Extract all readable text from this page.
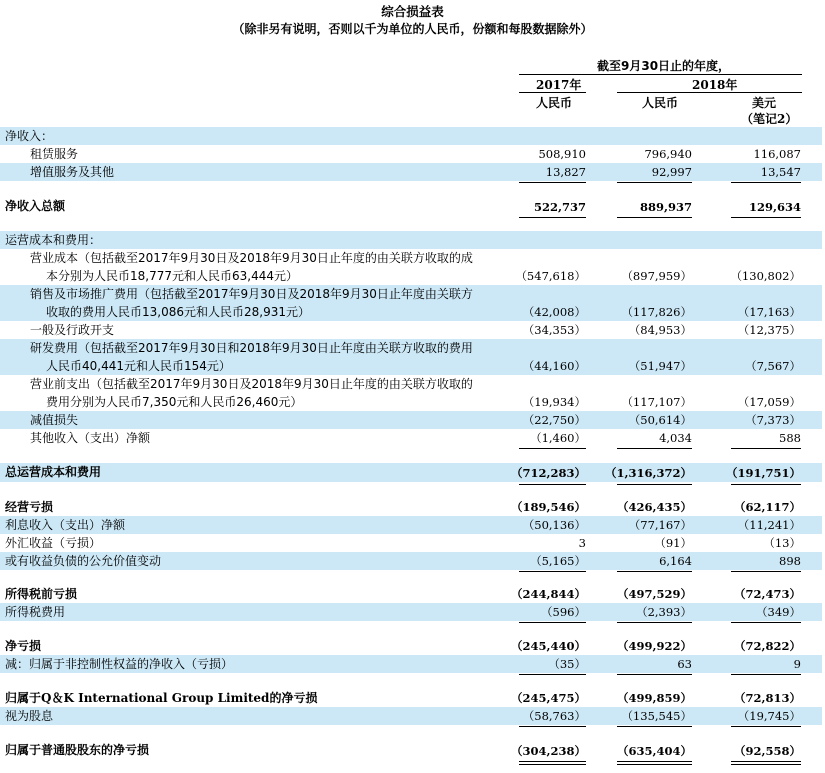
综合损益表
（除非另有说明，否则以千为单位的人民币，份额和每股数据除外）
截至9月30日止的年度，
2017年	2018年
人民币	人民币	美元
（笔记2）
净收入：
租赁服务	508,910	796,940	116,087
增值服务及其他	13,827	92,997	13,547
净收入总额	522,737	889,937	129,634
运营成本和费用：
营业成本（包括截至2017年9月30日及2018年9月30日止年度的由关联方收取的成
本分别为人民币18,777元和人民币63,444元）	（547,618）	（897,959）	（130,802）
销售及市场推广费用（包括截至2017年9月30日及2018年9月30日止年度由关联方
收取的费用人民币13,086元和人民币28,931元）	（42,008）	（117,826）	（17,163）
一般及行政开支	（34,353）	（84,953）	（12,375）
研发费用（包括截至2017年9月30日和2018年9月30日止年度由关联方收取的费用
人民币40,441元和人民币154元）	（44,160）	（51,947）	（7,567）
营业前支出（包括截至2017年9月30日及2018年9月30日止年度的由关联方收取的
费用分别为人民币7,350元和人民币26,460元）	（19,934）	（117,107）	（17,059）
减值损失	（22,750）	（50,614）	（7,373）
其他收入（支出）净额	（1,460）	4,034	588
总运营成本和费用	（712,283） （1,316,372）	（191,751）
经营亏损	（189,546）	（426,435）	（62,117）
利息收入（支出）净额	（50,136）	（77,167）	（11,241）
外汇收益（亏损）	3	（91）	（13）
或有收益负债的公允价值变动	（5,165）	6,164	898
所得税前亏损	（244,844）	（497,529）	（72,473）
所得税费用	（596）	（2,393）	（349）
净亏损	（245,440）	（499,922）	（72,822）
减：归属于非控制性权益的净收入（亏损）	（35）	63	9
归属于Q＆K International Group Limited的净亏损	（245,475）	（499,859）	（72,813）
视为股息	（58,763）	（135,545）	（19,745）
归属于普通股股东的净亏损	（304,238）	（635,404）	（92,558）
